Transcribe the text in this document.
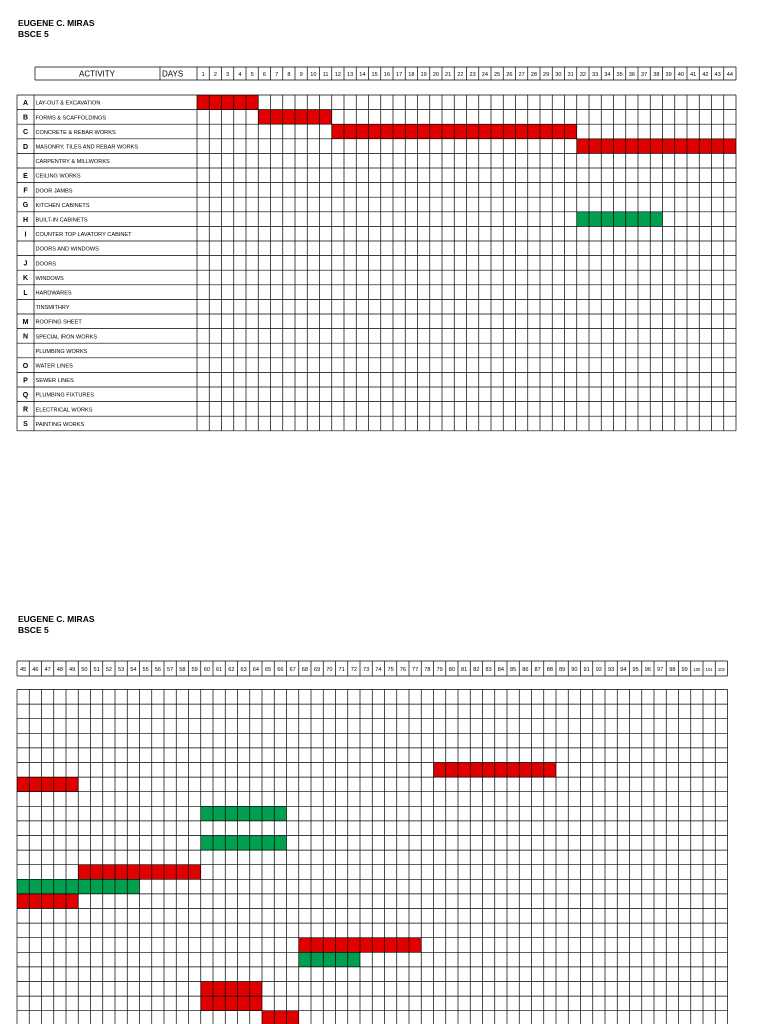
EUGENE C. MIRAS
BSCE 5
EUGENE C. MIRAS
BSCE 5
ACTIVITY	DAYS	1 2 3 4 5 6 7 8 9 10 11 12 13 14 15 16 17 18 19 20 21 22 23 24 25 26 27 28 29 30 31 32 33 34 35 36 37 38 39 40 41 42 43 44
A LAY-OUT & EXCAVATION
B FORMS & SCAFFOLDINGS
C CONCRETE & REBAR WORKS
D MASONRY, TILES AND REBAR WORKS
CARPENTRY & MILLWORKS
E CEILING WORKS
F DOOR JAMBS
G KITCHEN CABINETS
H BUILT-IN CABINETS
I COUNTER TOP LAVATORY CABINET
DOORS AND WINDOWS
J DOORS
K WINDOWS
L HARDWARES
TINSMITHRY
M ROOFING SHEET
N SPECIAL IRON WORKS
PLUMBING WORKS
O WATER LINES
P SEWER LINES
Q PLUMBING FIXTURES
R ELECTRICAL WORKS
S PAINTING WORKS
45 46 47 48 49 50 51 52 53 54 55 56 57 58 59 60 61 62 63 64 65 66 67 68 69 70 71 72 73 74 75 76 77 78 79 80 81 82 83 84 85 86 87 88 89 90 91 92 93 94 95 96 97 98 99 100 101 102
